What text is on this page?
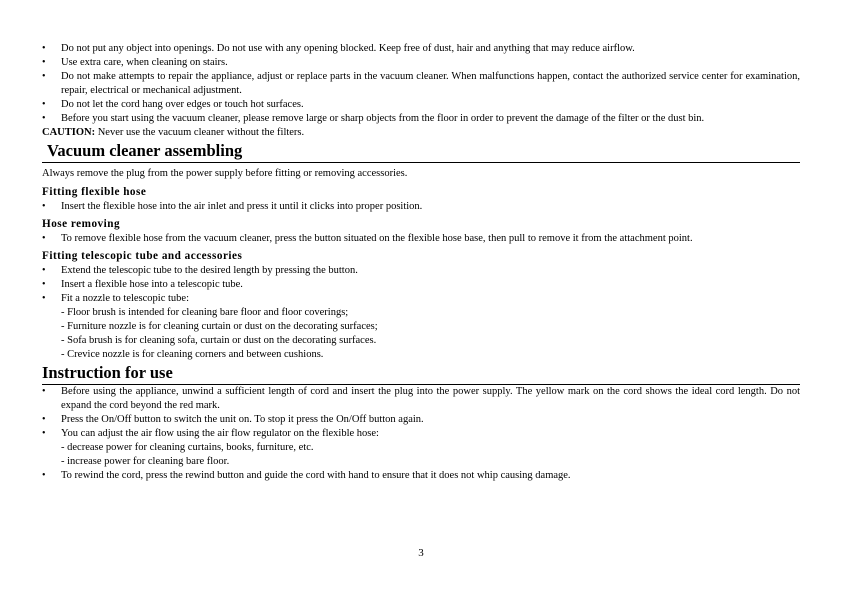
• Do not put any object into openings. Do not use with any opening blocked. Keep free of dust, hair and anything that may reduce airflow.
• Use extra care, when cleaning on stairs.
• Do not make attempts to repair the appliance, adjust or replace parts in the vacuum cleaner. When malfunctions happen, contact the authorized service center for examination, repair, electrical or mechanical adjustment.
• Do not let the cord hang over edges or touch hot surfaces.
• Before you start using the vacuum cleaner, please remove large or sharp objects from the floor in order to prevent the damage of the filter or the dust bin.
CAUTION: Never use the vacuum cleaner without the filters.
Vacuum cleaner assembling
Always remove the plug from the power supply before fitting or removing accessories.
Fitting flexible hose
• Insert the flexible hose into the air inlet and press it until it clicks into proper position.
Hose removing
• To remove flexible hose from the vacuum cleaner, press the button situated on the flexible hose base, then pull to remove it from the attachment point.
Fitting telescopic tube and accessories
• Extend the telescopic tube to the desired length by pressing the button.
• Insert a flexible hose into a telescopic tube.
• Fit a nozzle to telescopic tube:
- Floor brush is intended for cleaning bare floor and floor coverings;
- Furniture nozzle is for cleaning curtain or dust on the decorating surfaces;
- Sofa brush is for cleaning sofa, curtain or dust on the decorating surfaces.
- Crevice nozzle is for cleaning corners and between cushions.
Instruction for use
• Before using the appliance, unwind a sufficient length of cord and insert the plug into the power supply. The yellow mark on the cord shows the ideal cord length. Do not expand the cord beyond the red mark.
• Press the On/Off button to switch the unit on. To stop it press the On/Off button again.
• You can adjust the air flow using the air flow regulator on the flexible hose:
- decrease power for cleaning curtains, books, furniture, etc.
- increase power for cleaning bare floor.
• To rewind the cord, press the rewind button and guide the cord with hand to ensure that it does not whip causing damage.
3
